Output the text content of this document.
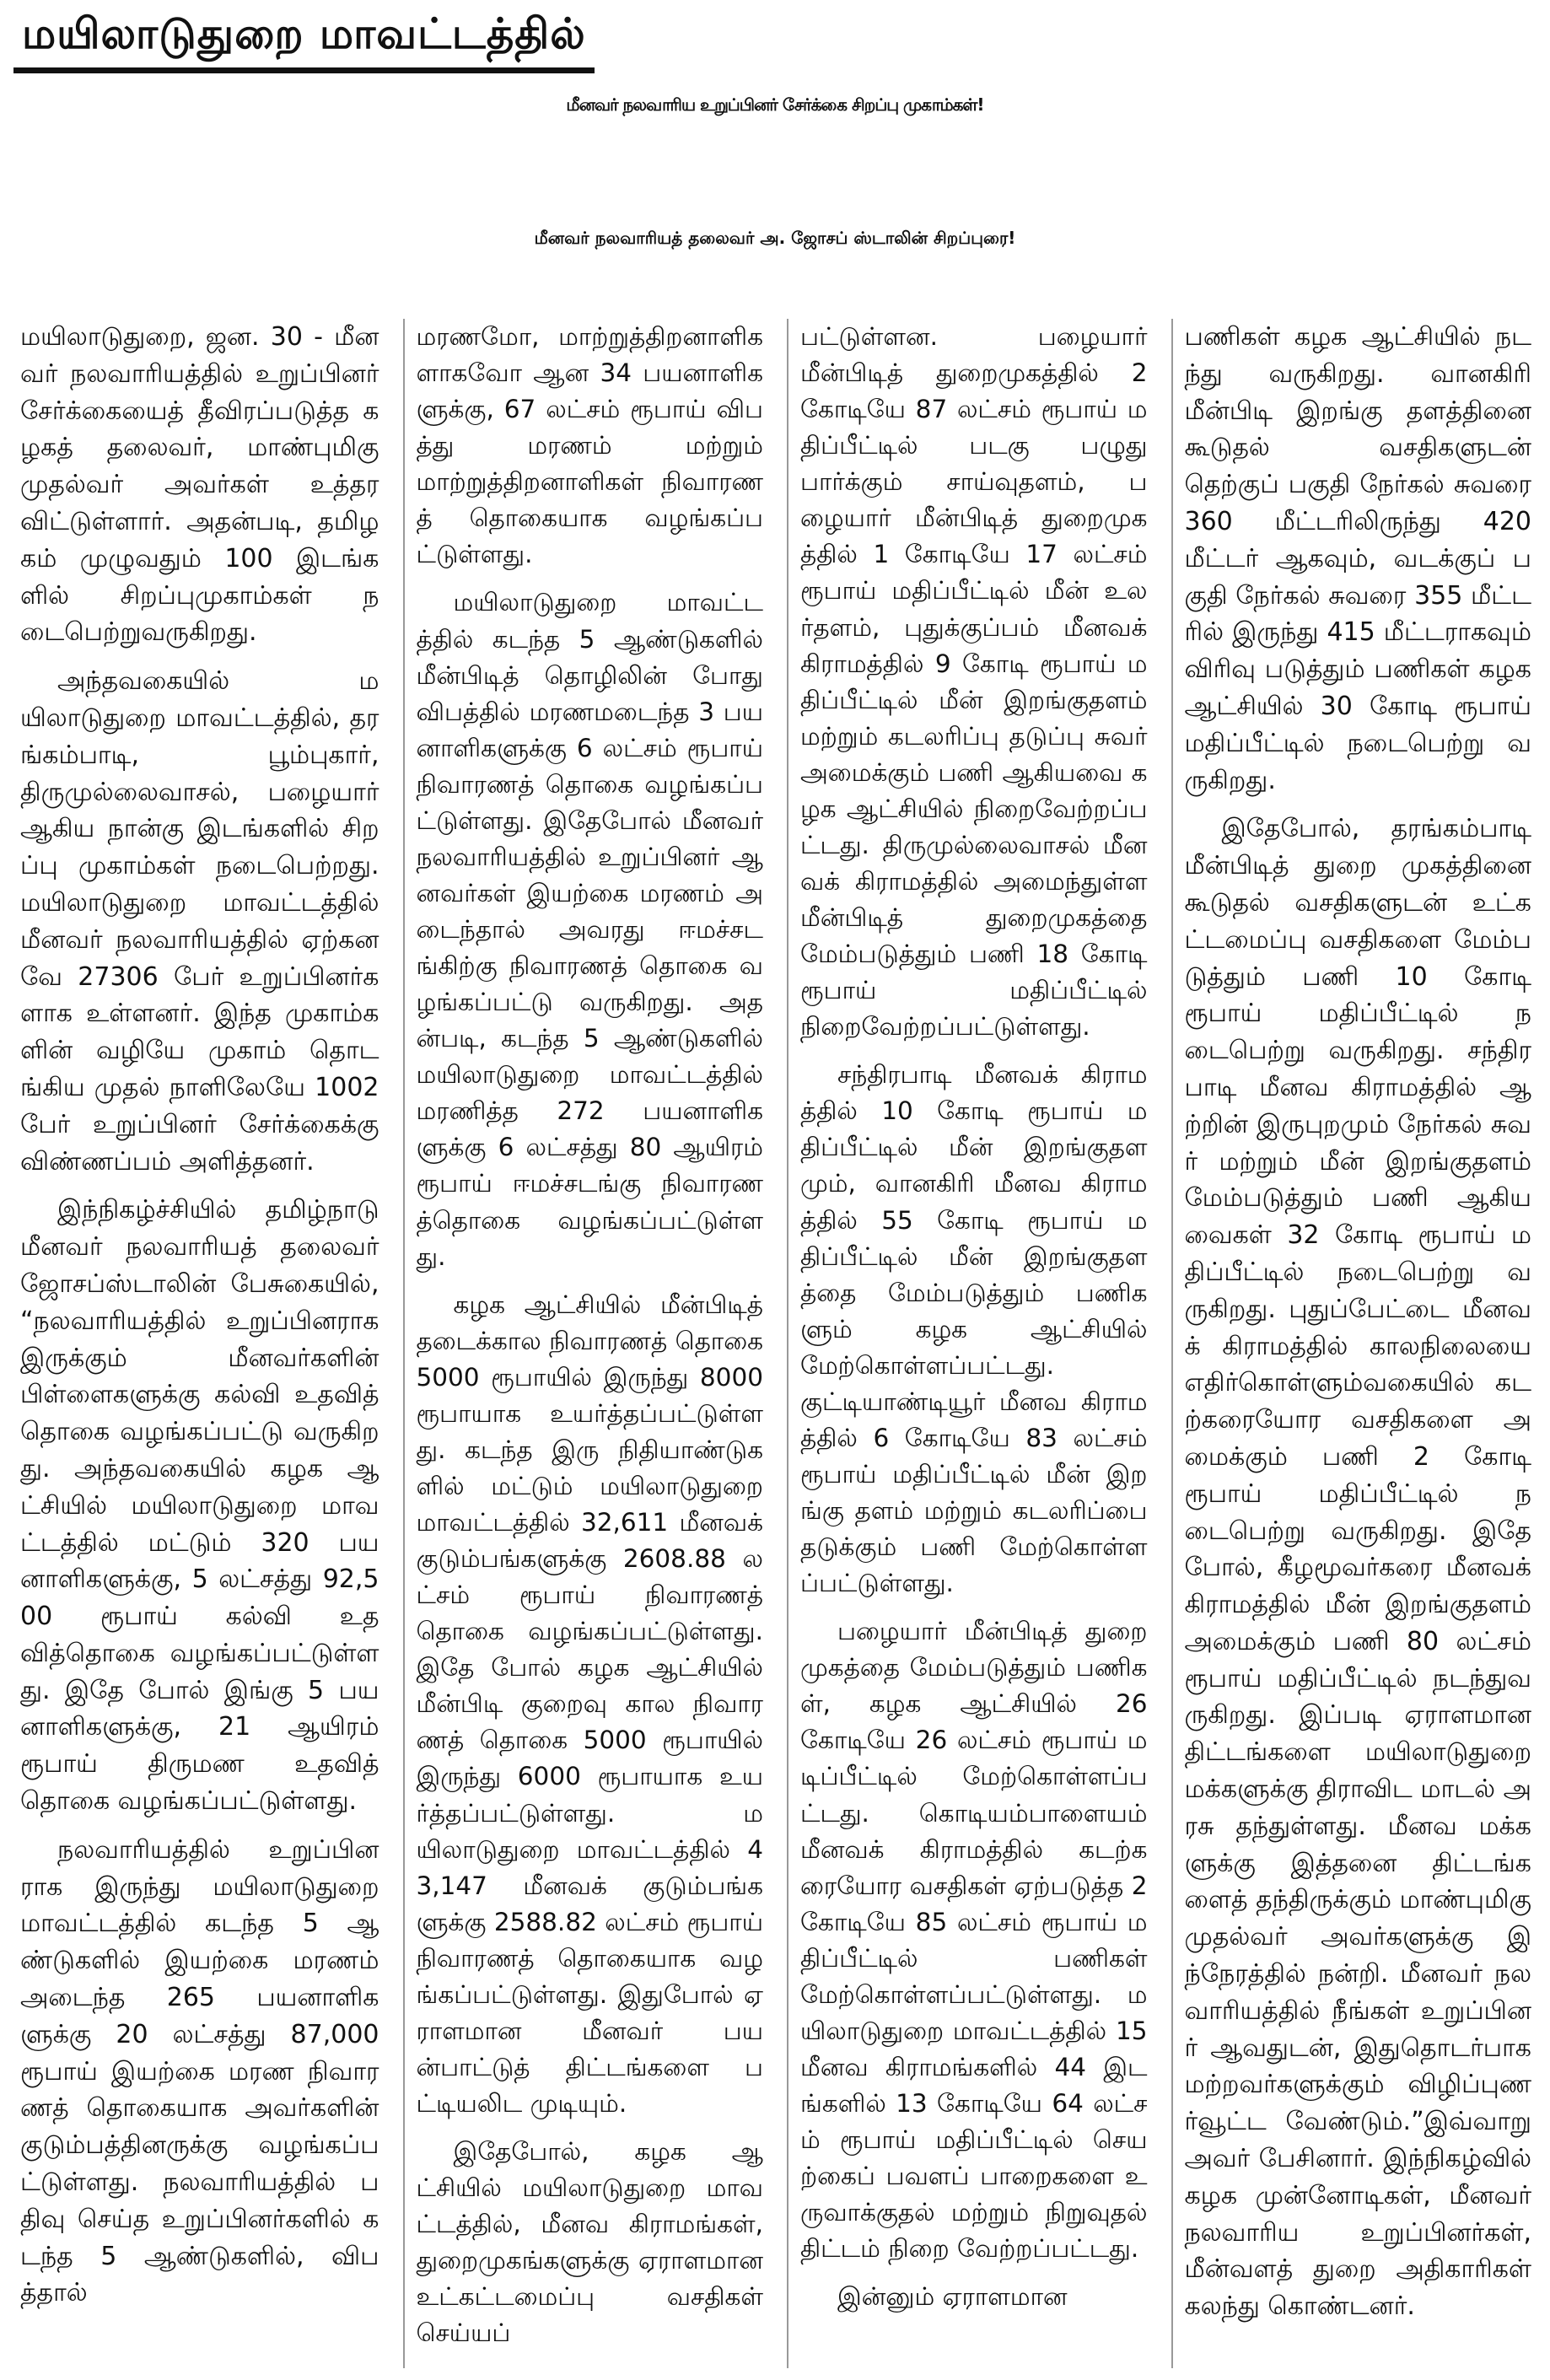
மயிலாடுதுறை மாவட்டத்தில்
மீனவர் நலவாரிய உறுப்பினர் சேர்க்கை சிறப்பு முகாம்கள்!
மீனவர் நலவாரியத் தலைவர் அ. ஜோசப் ஸ்டாலின் சிறப்புரை!

மயிலாடுதுறை, ஜன. 30 - மீனவர் நலவாரியத்தில் உறுப்பினர் சேர்க்கையைத் தீவிரப்படுத்த கழகத் தலைவர், மாண்புமிகு முதல்வர் அவர்கள் உத்தரவிட்டுள்ளார். அதன்படி, தமிழகம் முழுவதும் 100 இடங்களில் சிறப்புமுகாம்கள் நடைபெற்றுவருகிறது.

அந்தவகையில் மயிலாடுதுறை மாவட்டத்தில், தரங்கம்பாடி, பூம்புகார், திருமுல்லைவாசல், பழையார் ஆகிய நான்கு இடங்களில் சிறப்பு முகாம்கள் நடைபெற்றது. மயிலாடுதுறை மாவட்டத்தில் மீனவர் நலவாரியத்தில் ஏற்கனவே 27306 பேர் உறுப்பினர்களாக உள்ளனர். இந்த முகாம்களின் வழியே முகாம் தொடங்கிய முதல் நாளிலேயே 1002 பேர் உறுப்பினர் சேர்க்கைக்கு விண்ணப்பம் அளித்தனர்.

இந்நிகழ்ச்சியில் தமிழ்நாடு மீனவர் நலவாரியத் தலைவர் ஜோசப்ஸ்டாலின் பேசுகையில், “நலவாரியத்தில் உறுப்பினராக இருக்கும் மீனவர்களின் பிள்ளைகளுக்கு கல்வி உதவித் தொகை வழங்கப்பட்டு வருகிறது. அந்தவகையில் கழக ஆட்சியில் மயிலாடுதுறை மாவட்டத்தில் மட்டும் 320 பயனாளிகளுக்கு, 5 லட்சத்து 92,500 ரூபாய் கல்வி உதவித்தொகை வழங்கப்பட்டுள்ளது. இதே போல் இங்கு 5 பயனாளிகளுக்கு, 21 ஆயிரம் ரூபாய் திருமண உதவித் தொகை வழங்கப்பட்டுள்ளது.

நலவாரியத்தில் உறுப்பினராக இருந்து மயிலாடுதுறை மாவட்டத்தில் கடந்த 5 ஆண்டுகளில் இயற்கை மரணம் அடைந்த 265 பயனாளிகளுக்கு 20 லட்சத்து 87,000 ரூபாய் இயற்கை மரண நிவாரணத் தொகையாக அவர்களின் குடும்பத்தினருக்கு வழங்கப்பட்டுள்ளது. நலவாரியத்தில் பதிவு செய்த உறுப்பினர்களில் கடந்த 5 ஆண்டுகளில், விபத்தால்

மரணமோ, மாற்றுத்திறனாளிகளாகவோ ஆன 34 பயனாளிகளுக்கு, 67 லட்சம் ரூபாய் விபத்து மரணம் மற்றும் மாற்றுத்திறனாளிகள் நிவாரணத் தொகையாக வழங்கப்பட்டுள்ளது.

மயிலாடுதுறை மாவட்டத்தில் கடந்த 5 ஆண்டுகளில் மீன்பிடித் தொழிலின் போது விபத்தில் மரணமடைந்த 3 பயனாளிகளுக்கு 6 லட்சம் ரூபாய் நிவாரணத் தொகை வழங்கப்பட்டுள்ளது. இதேபோல் மீனவர் நலவாரியத்தில் உறுப்பினர் ஆனவர்கள் இயற்கை மரணம் அடைந்தால் அவரது ஈமச்சடங்கிற்கு நிவாரணத் தொகை வழங்கப்பட்டு வருகிறது. அதன்படி, கடந்த 5 ஆண்டுகளில் மயிலாடுதுறை மாவட்டத்தில் மரணித்த 272 பயனாளிகளுக்கு 6 லட்சத்து 80 ஆயிரம் ரூபாய் ஈமச்சடங்கு நிவாரணத்தொகை வழங்கப்பட்டுள்ளது.

கழக ஆட்சியில் மீன்பிடித் தடைக்கால நிவாரணத் தொகை 5000 ரூபாயில் இருந்து 8000 ரூபாயாக உயர்த்தப்பட்டுள்ளது. கடந்த இரு நிதியாண்டுகளில் மட்டும் மயிலாடுதுறை மாவட்டத்தில் 32,611 மீனவக் குடும்பங்களுக்கு 2608.88 லட்சம் ரூபாய் நிவாரணத் தொகை வழங்கப்பட்டுள்ளது. இதே போல் கழக ஆட்சியில் மீன்பிடி குறைவு கால நிவாரணத் தொகை 5000 ரூபாயில் இருந்து 6000 ரூபாயாக உயர்த்தப்பட்டுள்ளது. மயிலாடுதுறை மாவட்டத்தில் 43,147 மீனவக் குடும்பங்களுக்கு 2588.82 லட்சம் ரூபாய் நிவாரணத் தொகையாக வழங்கப்பட்டுள்ளது. இதுபோல் ஏராளமான மீனவர் பயன்பாட்டுத் திட்டங்களை பட்டியலிட முடியும்.

இதேபோல், கழக ஆட்சியில் மயிலாடுதுறை மாவட்டத்தில், மீனவ கிராமங்கள், துறைமுகங்களுக்கு ஏராளமான உட்கட்டமைப்பு வசதிகள் செய்யப்

பட்டுள்ளன. பழையார் மீன்பிடித் துறைமுகத்தில் 2 கோடியே 87 லட்சம் ரூபாய் மதிப்பீட்டில் படகு பழுது பார்க்கும் சாய்வுதளம், பழையார் மீன்பிடித் துறைமுகத்தில் 1 கோடியே 17 லட்சம் ரூபாய் மதிப்பீட்டில் மீன் உலர்தளம், புதுக்குப்பம் மீனவக் கிராமத்தில் 9 கோடி ரூபாய் மதிப்பீட்டில் மீன் இறங்குதளம் மற்றும் கடலரிப்பு தடுப்பு சுவர் அமைக்கும் பணி ஆகியவை கழக ஆட்சியில் நிறைவேற்றப்பட்டது. திருமுல்லைவாசல் மீனவக் கிராமத்தில் அமைந்துள்ள மீன்பிடித் துறைமுகத்தை மேம்படுத்தும் பணி 18 கோடி ரூபாய் மதிப்பீட்டில் நிறைவேற்றப்பட்டுள்ளது.

சந்திரபாடி மீனவக் கிராமத்தில் 10 கோடி ரூபாய் மதிப்பீட்டில் மீன் இறங்குதளமும், வானகிரி மீனவ கிராமத்தில் 55 கோடி ரூபாய் மதிப்பீட்டில் மீன் இறங்குதளத்தை மேம்படுத்தும் பணிகளும் கழக ஆட்சியில் மேற்கொள்ளப்பட்டது. குட்டியாண்டியூர் மீனவ கிராமத்தில் 6 கோடியே 83 லட்சம் ரூபாய் மதிப்பீட்டில் மீன் இறங்கு தளம் மற்றும் கடலரிப்பை தடுக்கும் பணி மேற்கொள்ளப்பட்டுள்ளது.

பழையார் மீன்பிடித் துறை முகத்தை மேம்படுத்தும் பணிகள், கழக ஆட்சியில் 26 கோடியே 26 லட்சம் ரூபாய் மடிப்பீட்டில் மேற்கொள்ளப்பட்டது. கொடியம்பாளையம் மீனவக் கிராமத்தில் கடற்கரையோர வசதிகள் ஏற்படுத்த 2 கோடியே 85 லட்சம் ரூபாய் மதிப்பீட்டில் பணிகள் மேற்கொள்ளப்பட்டுள்ளது. மயிலாடுதுறை மாவட்டத்தில் 15 மீனவ கிராமங்களில் 44 இடங்களில் 13 கோடியே 64 லட்சம் ரூபாய் மதிப்பீட்டில் செயற்கைப் பவளப் பாறைகளை உருவாக்குதல் மற்றும் நிறுவுதல் திட்டம் நிறை வேற்றப்பட்டது.

இன்னும் ஏராளமான

பணிகள் கழக ஆட்சியில் நடந்து வருகிறது. வானகிரி மீன்பிடி இறங்கு தளத்தினை கூடுதல் வசதிகளுடன் தெற்குப் பகுதி நேர்கல் சுவரை 360 மீட்டரிலிருந்து 420 மீட்டர் ஆகவும், வடக்குப் பகுதி நேர்கல் சுவரை 355 மீட்டரில் இருந்து 415 மீட்டராகவும் விரிவு படுத்தும் பணிகள் கழக ஆட்சியில் 30 கோடி ரூபாய் மதிப்பீட்டில் நடைபெற்று வருகிறது.

இதேபோல், தரங்கம்பாடி மீன்பிடித் துறை முகத்தினை கூடுதல் வசதிகளுடன் உட்கட்டமைப்பு வசதிகளை மேம்படுத்தும் பணி 10 கோடி ரூபாய் மதிப்பீட்டில் நடைபெற்று வருகிறது. சந்திரபாடி மீனவ கிராமத்தில் ஆற்றின் இருபுறமும் நேர்கல் சுவர் மற்றும் மீன் இறங்குதளம் மேம்படுத்தும் பணி ஆகியவைகள் 32 கோடி ரூபாய் மதிப்பீட்டில் நடைபெற்று வருகிறது. புதுப்பேட்டை மீனவக் கிராமத்தில் காலநிலையை எதிர்கொள்ளும்வகையில் கடற்கரையோர வசதிகளை அமைக்கும் பணி 2 கோடி ரூபாய் மதிப்பீட்டில் நடைபெற்று வருகிறது. இதே போல், கீழமூவர்கரை மீனவக் கிராமத்தில் மீன் இறங்குதளம் அமைக்கும் பணி 80 லட்சம் ரூபாய் மதிப்பீட்டில் நடந்துவருகிறது. இப்படி ஏராளமான திட்டங்களை மயிலாடுதுறை மக்களுக்கு திராவிட மாடல் அரசு தந்துள்ளது. மீனவ மக்களுக்கு இத்தனை திட்டங்களைத் தந்திருக்கும் மாண்புமிகு முதல்வர் அவர்களுக்கு இந்நேரத்தில் நன்றி. மீனவர் நலவாரியத்தில் நீங்கள் உறுப்பினர் ஆவதுடன், இதுதொடர்பாக மற்றவர்களுக்கும் விழிப்புணர்வூட்ட வேண்டும்.”இவ்வாறு அவர் பேசினார். இந்நிகழ்வில் கழக முன்னோடிகள், மீனவர் நலவாரிய உறுப்பினர்கள், மீன்வளத் துறை அதிகாரிகள் கலந்து கொண்டனர்.
